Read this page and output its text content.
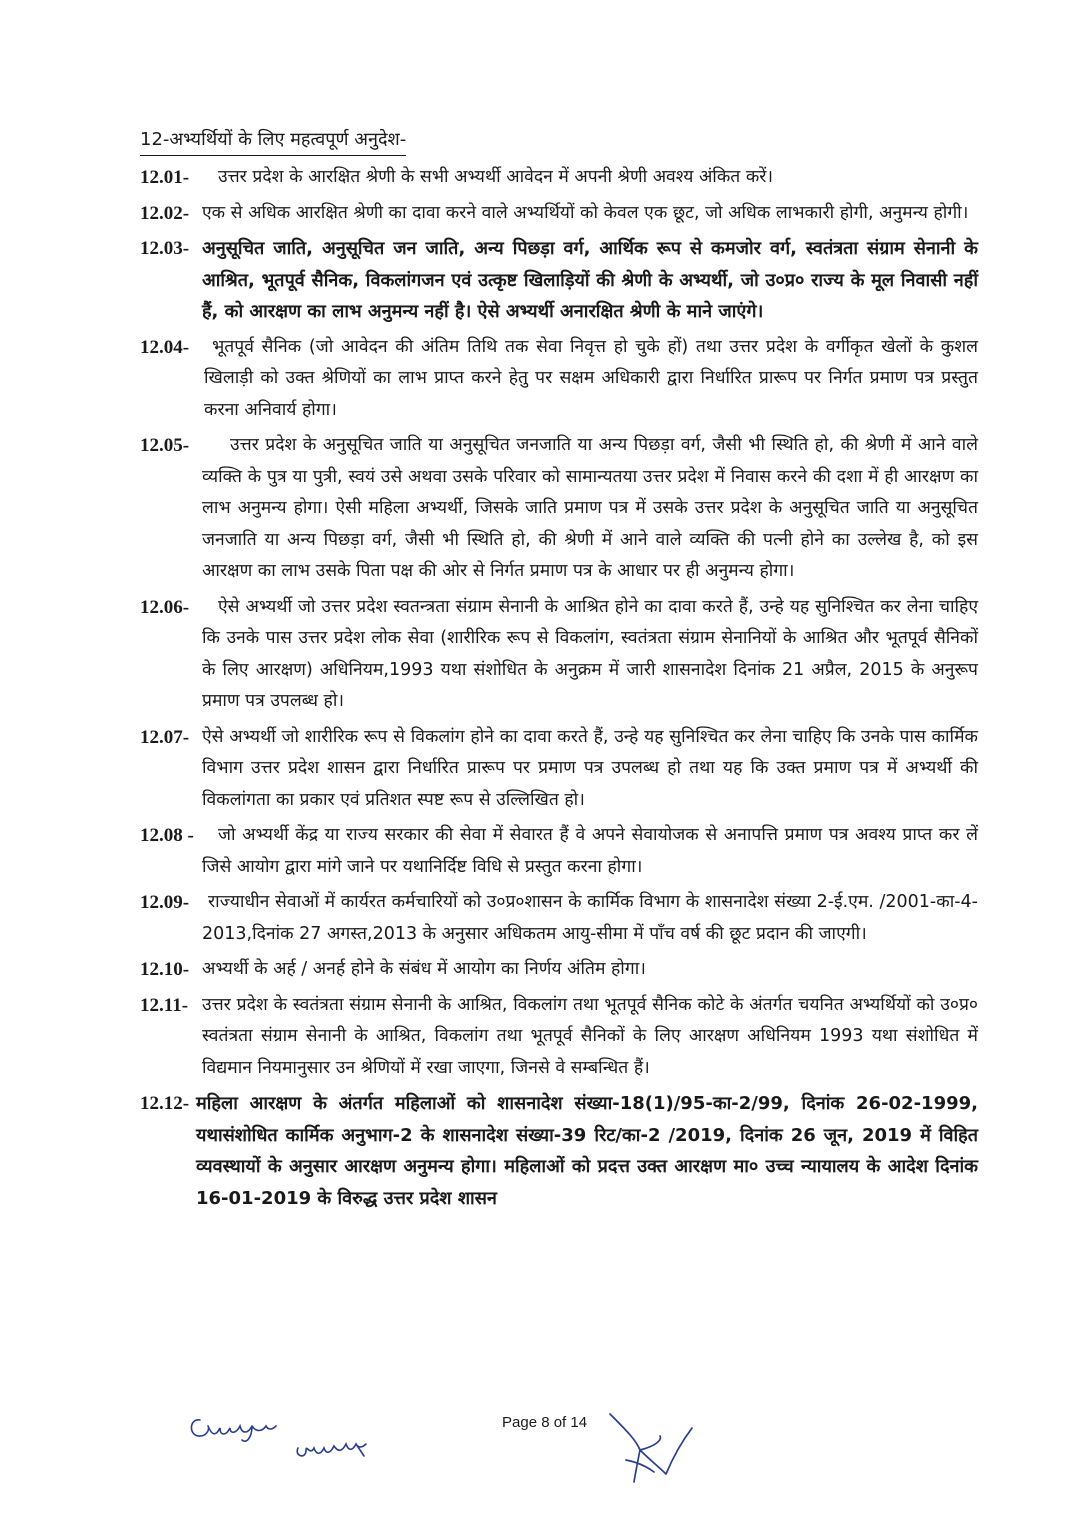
12-अभ्यर्थियों के लिए महत्वपूर्ण अनुदेश-
12.01-	उत्तर प्रदेश के आरक्षित श्रेणी के सभी अभ्यर्थी आवेदन में अपनी श्रेणी अवश्य अंकित करें।
12.02- एक से अधिक आरक्षित श्रेणी का दावा करने वाले अभ्यर्थियों को केवल एक छूट, जो अधिक लाभकारी होगी, अनुमन्य होगी।
12.03- अनुसूचित जाति, अनुसूचित जन जाति, अन्य पिछड़ा वर्ग, आर्थिक रूप से कमजोर वर्ग, स्वतंत्रता संग्राम सेनानी के आश्रित, भूतपूर्व सैनिक, विकलांगजन एवं उत्कृष्ट खिलाड़ियों की श्रेणी के अभ्यर्थी, जो उ०प्र० राज्य के मूल निवासी नहीं हैं, को आरक्षण का लाभ अनुमन्य नहीं है। ऐसे अभ्यर्थी अनारक्षित श्रेणी के माने जाएंगे।
12.04-	भूतपूर्व सैनिक (जो आवेदन की अंतिम तिथि तक सेवा निवृत्त हो चुके हों) तथा उत्तर प्रदेश के वर्गीकृत खेलों के कुशल खिलाड़ी को उक्त श्रेणियों का लाभ प्राप्त करने हेतु पर सक्षम अधिकारी द्वारा निर्धारित प्रारूप पर निर्गत प्रमाण पत्र प्रस्तुत करना अनिवार्य होगा।
12.05-	उत्तर प्रदेश के अनुसूचित जाति या अनुसूचित जनजाति या अन्य पिछड़ा वर्ग, जैसी भी स्थिति हो, की श्रेणी में आने वाले व्यक्ति के पुत्र या पुत्री, स्वयं उसे अथवा उसके परिवार को सामान्यतया उत्तर प्रदेश में निवास करने की दशा में ही आरक्षण का लाभ अनुमन्य होगा। ऐसी महिला अभ्यर्थी, जिसके जाति प्रमाण पत्र में उसके उत्तर प्रदेश के अनुसूचित जाति या अनुसूचित जनजाति या अन्य पिछड़ा वर्ग, जैसी भी स्थिति हो, की श्रेणी में आने वाले व्यक्ति की पत्नी होने का उल्लेख है, को इस आरक्षण का लाभ उसके पिता पक्ष की ओर से निर्गत प्रमाण पत्र के आधार पर ही अनुमन्य होगा।
12.06-	ऐसे अभ्यर्थी जो उत्तर प्रदेश स्वतन्त्रता संग्राम सेनानी के आश्रित होने का दावा करते हैं, उन्हे यह सुनिश्चित कर लेना चाहिए कि उनके पास उत्तर प्रदेश लोक सेवा (शारीरिक रूप से विकलांग, स्वतंत्रता संग्राम सेनानियों के आश्रित और भूतपूर्व सैनिकों के लिए आरक्षण) अधिनियम,1993 यथा संशोधित के अनुक्रम में जारी शासनादेश दिनांक 21 अप्रैल, 2015 के अनुरूप प्रमाण पत्र उपलब्ध हो।
12.07- ऐसे अभ्यर्थी जो शारीरिक रूप से विकलांग होने का दावा करते हैं, उन्हे यह सुनिश्चित कर लेना चाहिए कि उनके पास कार्मिक विभाग उत्तर प्रदेश शासन द्वारा निर्धारित प्रारूप पर प्रमाण पत्र उपलब्ध हो तथा यह कि उक्त प्रमाण पत्र में अभ्यर्थी की विकलांगता का प्रकार एवं प्रतिशत स्पष्ट रूप से उल्लिखित हो।
12.08 -	जो अभ्यर्थी केंद्र या राज्य सरकार की सेवा में सेवारत हैं वे अपने सेवायोजक से अनापत्ति प्रमाण पत्र अवश्य प्राप्त कर लें जिसे आयोग द्वारा मांगे जाने पर यथानिर्दिष्ट विधि से प्रस्तुत करना होगा।
12.09-	राज्याधीन सेवाओं में कार्यरत कर्मचारियों को उ०प्र०शासन के कार्मिक विभाग के शासनादेश संख्या 2-ई.एम. /2001-का-4-2013,दिनांक 27 अगस्त,2013 के अनुसार अधिकतम आयु-सीमा में पाँच वर्ष की छूट प्रदान की जाएगी।
12.10- अभ्यर्थी के अर्ह / अनर्ह होने के संबंध में आयोग का निर्णय अंतिम होगा।
12.11- उत्तर प्रदेश के स्वतंत्रता संग्राम सेनानी के आश्रित, विकलांग तथा भूतपूर्व सैनिक कोटे के अंतर्गत चयनित अभ्यर्थियों को उ०प्र० स्वतंत्रता संग्राम सेनानी के आश्रित, विकलांग तथा भूतपूर्व सैनिकों के लिए आरक्षण अधिनियम 1993 यथा संशोधित में विद्यमान नियमानुसार उन श्रेणियों में रखा जाएगा, जिनसे वे सम्बन्धित हैं।
12.12- महिला आरक्षण के अंतर्गत महिलाओं को शासनादेश संख्या-18(1)/95-का-2/99, दिनांक 26-02-1999, यथासंशोधित कार्मिक अनुभाग-2 के शासनादेश संख्या-39 रिट/का-2 /2019, दिनांक 26 जून, 2019 में विहित व्यवस्थायों के अनुसार आरक्षण अनुमन्य होगा। महिलाओं को प्रदत्त उक्त आरक्षण मा० उच्च न्यायालय के आदेश दिनांक 16-01-2019 के विरुद्ध उत्तर प्रदेश शासन
Page 8 of 14
